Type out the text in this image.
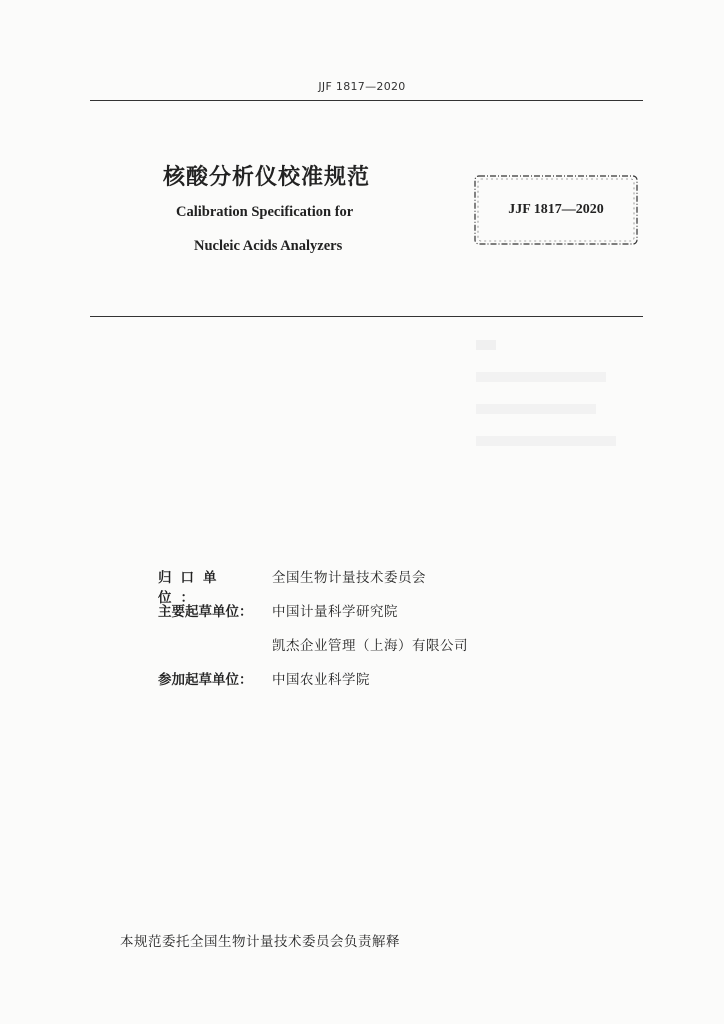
JJF 1817—2020
核酸分析仪校准规范
Calibration Specification for
Nucleic Acids Analyzers
JJF 1817—2020
归口单位：
全国生物计量技术委员会
主要起草单位：	中国计量科学研究院
凯杰企业管理（上海）有限公司
参加起草单位：	中国农业科学院
本规范委托全国生物计量技术委员会负责解释
